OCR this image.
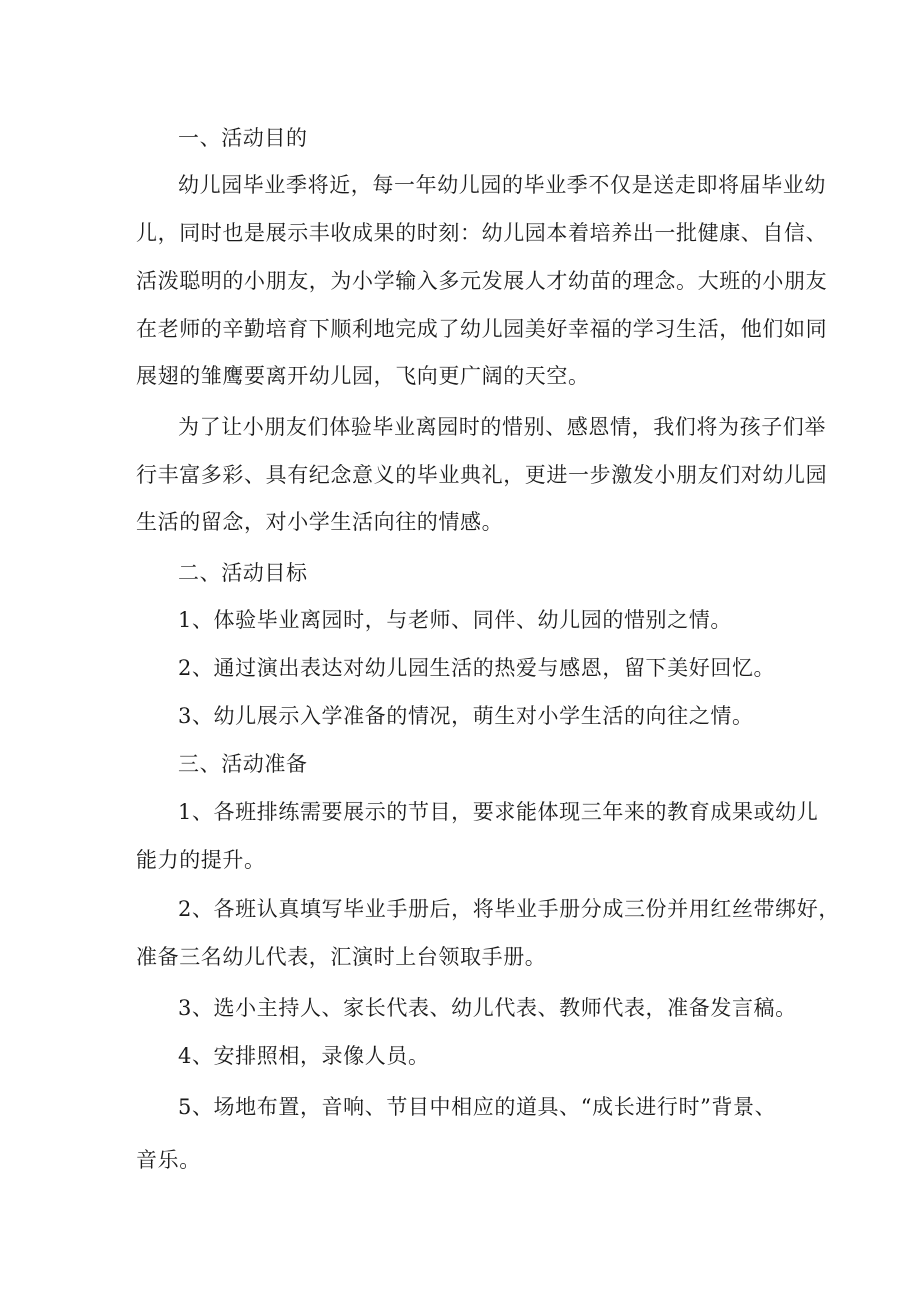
一、活动目的
幼儿园毕业季将近，每一年幼儿园的毕业季不仅是送走即将届毕业幼
儿，同时也是展示丰收成果的时刻：幼儿园本着培养出一批健康、自信、
活泼聪明的小朋友，为小学输入多元发展人才幼苗的理念。大班的小朋友
在老师的辛勤培育下顺利地完成了幼儿园美好幸福的学习生活，他们如同
展翅的雏鹰要离开幼儿园，飞向更广阔的天空。
为了让小朋友们体验毕业离园时的惜别、感恩情，我们将为孩子们举
行丰富多彩、具有纪念意义的毕业典礼，更进一步激发小朋友们对幼儿园
生活的留念，对小学生活向往的情感。
二、活动目标
1、体验毕业离园时，与老师、同伴、幼儿园的惜别之情。
2、通过演出表达对幼儿园生活的热爱与感恩，留下美好回忆。
3、幼儿展示入学准备的情况，萌生对小学生活的向往之情。
三、活动准备
1、各班排练需要展示的节目，要求能体现三年来的教育成果或幼儿
能力的提升。
2、各班认真填写毕业手册后，将毕业手册分成三份并用红丝带绑好，
准备三名幼儿代表，汇演时上台领取手册。
3、选小主持人、家长代表、幼儿代表、教师代表，准备发言稿。
4、安排照相，录像人员。
5、场地布置，音响、节目中相应的道具、“成长进行时”背景、
音乐。
